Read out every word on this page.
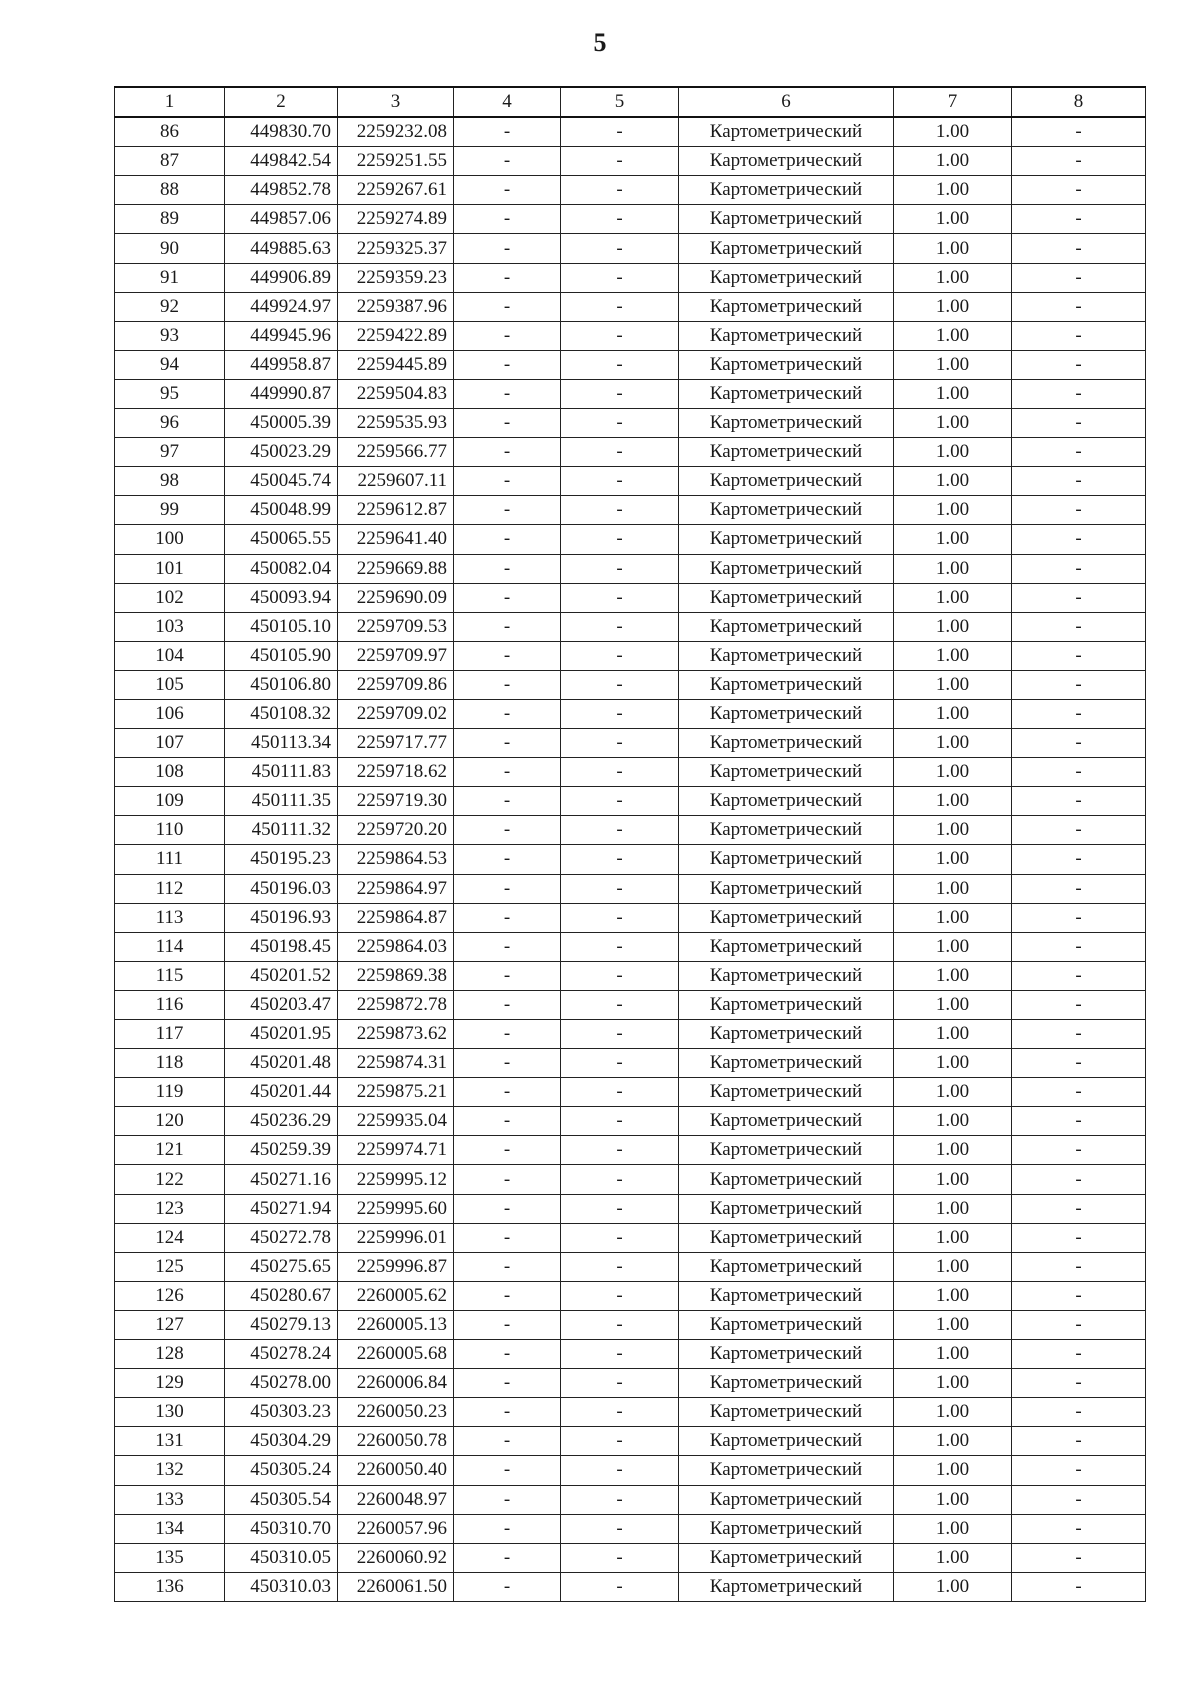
5
1	2	3	4	5	6	7	8
86	449830.70	2259232.08	-	-	Картометрический	1.00	-
87	449842.54	2259251.55	-	-	Картометрический	1.00	-
88	449852.78	2259267.61	-	-	Картометрический	1.00	-
89	449857.06	2259274.89	-	-	Картометрический	1.00	-
90	449885.63	2259325.37	-	-	Картометрический	1.00	-
91	449906.89	2259359.23	-	-	Картометрический	1.00	-
92	449924.97	2259387.96	-	-	Картометрический	1.00	-
93	449945.96	2259422.89	-	-	Картометрический	1.00	-
94	449958.87	2259445.89	-	-	Картометрический	1.00	-
95	449990.87	2259504.83	-	-	Картометрический	1.00	-
96	450005.39	2259535.93	-	-	Картометрический	1.00	-
97	450023.29	2259566.77	-	-	Картометрический	1.00	-
98	450045.74	2259607.11	-	-	Картометрический	1.00	-
99	450048.99	2259612.87	-	-	Картометрический	1.00	-
100	450065.55	2259641.40	-	-	Картометрический	1.00	-
101	450082.04	2259669.88	-	-	Картометрический	1.00	-
102	450093.94	2259690.09	-	-	Картометрический	1.00	-
103	450105.10	2259709.53	-	-	Картометрический	1.00	-
104	450105.90	2259709.97	-	-	Картометрический	1.00	-
105	450106.80	2259709.86	-	-	Картометрический	1.00	-
106	450108.32	2259709.02	-	-	Картометрический	1.00	-
107	450113.34	2259717.77	-	-	Картометрический	1.00	-
108	450111.83	2259718.62	-	-	Картометрический	1.00	-
109	450111.35	2259719.30	-	-	Картометрический	1.00	-
110	450111.32	2259720.20	-	-	Картометрический	1.00	-
111	450195.23	2259864.53	-	-	Картометрический	1.00	-
112	450196.03	2259864.97	-	-	Картометрический	1.00	-
113	450196.93	2259864.87	-	-	Картометрический	1.00	-
114	450198.45	2259864.03	-	-	Картометрический	1.00	-
115	450201.52	2259869.38	-	-	Картометрический	1.00	-
116	450203.47	2259872.78	-	-	Картометрический	1.00	-
117	450201.95	2259873.62	-	-	Картометрический	1.00	-
118	450201.48	2259874.31	-	-	Картометрический	1.00	-
119	450201.44	2259875.21	-	-	Картометрический	1.00	-
120	450236.29	2259935.04	-	-	Картометрический	1.00	-
121	450259.39	2259974.71	-	-	Картометрический	1.00	-
122	450271.16	2259995.12	-	-	Картометрический	1.00	-
123	450271.94	2259995.60	-	-	Картометрический	1.00	-
124	450272.78	2259996.01	-	-	Картометрический	1.00	-
125	450275.65	2259996.87	-	-	Картометрический	1.00	-
126	450280.67	2260005.62	-	-	Картометрический	1.00	-
127	450279.13	2260005.13	-	-	Картометрический	1.00	-
128	450278.24	2260005.68	-	-	Картометрический	1.00	-
129	450278.00	2260006.84	-	-	Картометрический	1.00	-
130	450303.23	2260050.23	-	-	Картометрический	1.00	-
131	450304.29	2260050.78	-	-	Картометрический	1.00	-
132	450305.24	2260050.40	-	-	Картометрический	1.00	-
133	450305.54	2260048.97	-	-	Картометрический	1.00	-
134	450310.70	2260057.96	-	-	Картометрический	1.00	-
135	450310.05	2260060.92	-	-	Картометрический	1.00	-
136	450310.03	2260061.50	-	-	Картометрический	1.00	-
